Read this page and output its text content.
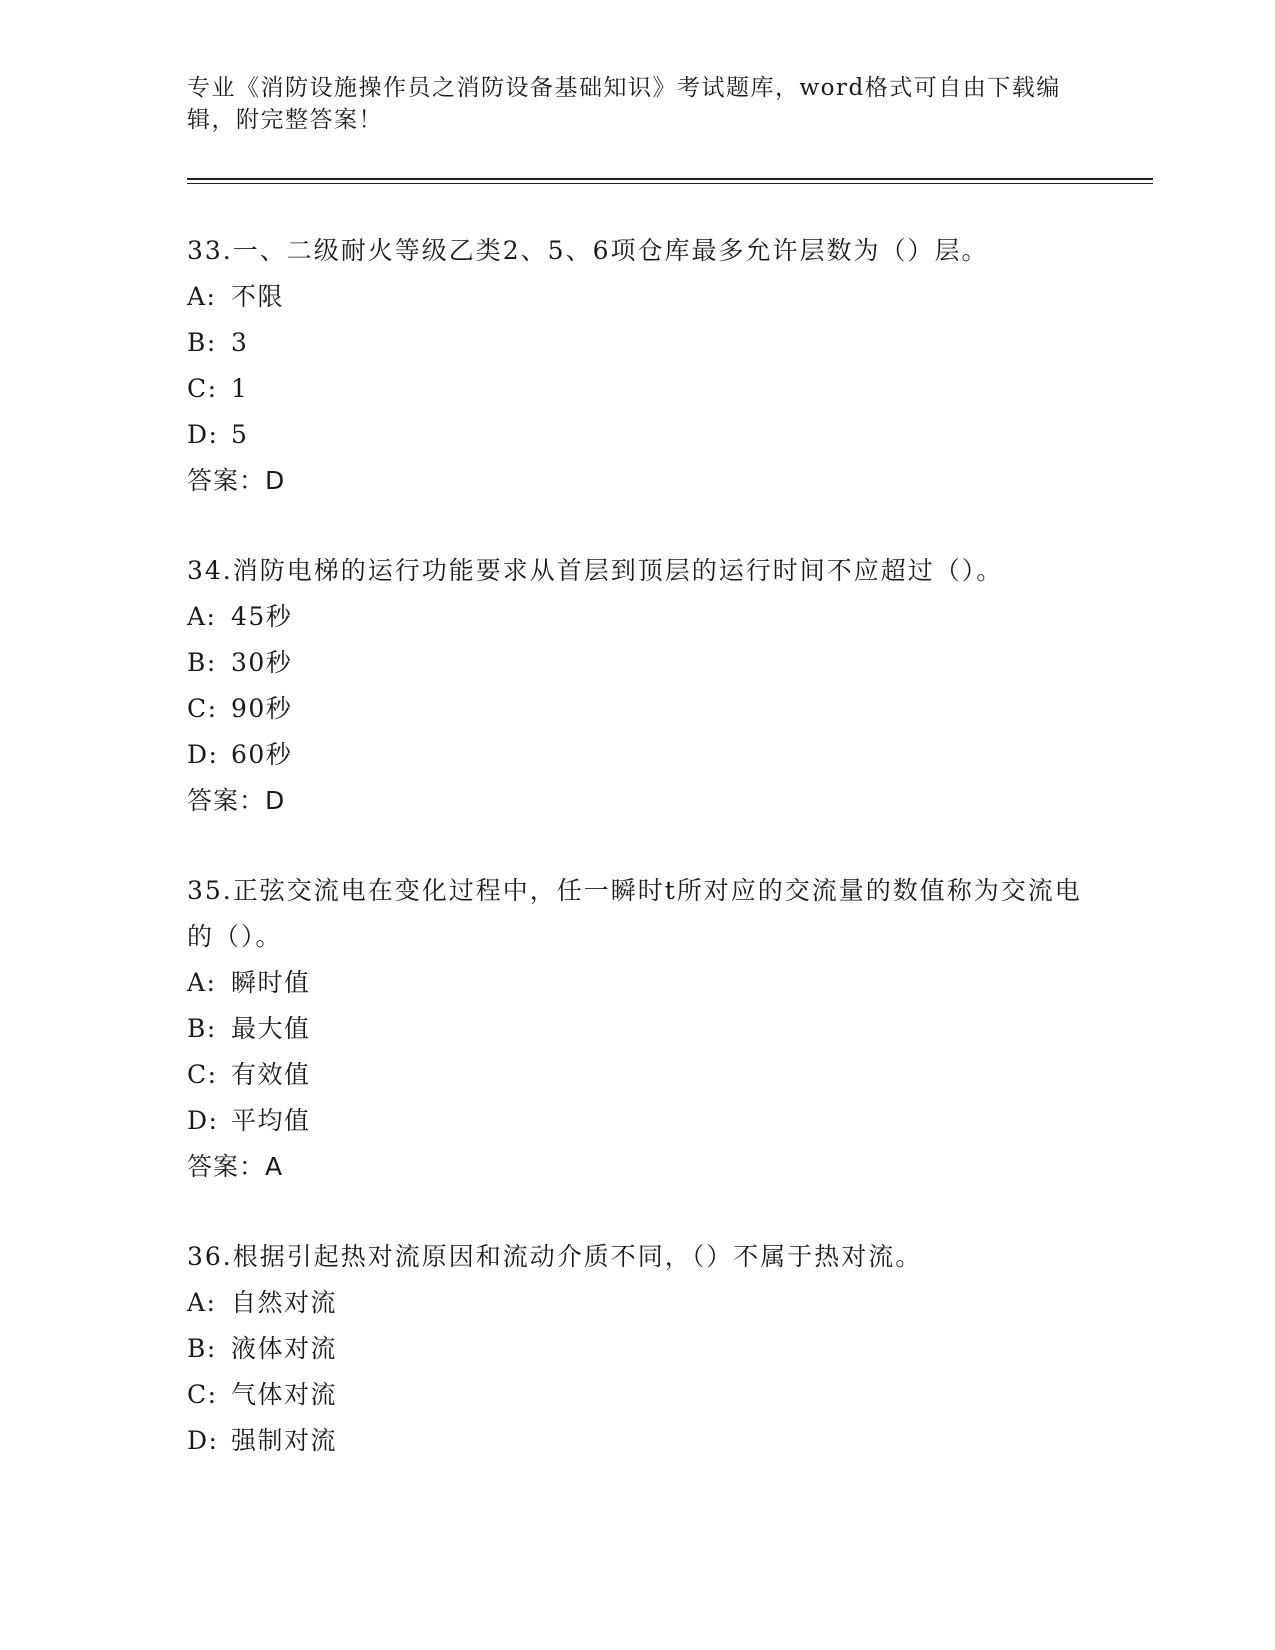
专业《消防设施操作员之消防设备基础知识》考试题库，word格式可自由下载编
辑，附完整答案！

33.一、二级耐火等级乙类2、5、6项仓库最多允许层数为（）层。

A: 不限

B: 3

C: 1

D: 5

答案：D

34.消防电梯的运行功能要求从首层到顶层的运行时间不应超过（）。

A: 45秒

B: 30秒

C: 90秒

D: 60秒

答案：D

35.正弦交流电在变化过程中，任一瞬时t所对应的交流量的数值称为交流电的（）。

A: 瞬时值

B: 最大值

C: 有效值

D: 平均值

答案：A

36.根据引起热对流原因和流动介质不同，（）不属于热对流。

A: 自然对流

B: 液体对流

C: 气体对流

D: 强制对流
